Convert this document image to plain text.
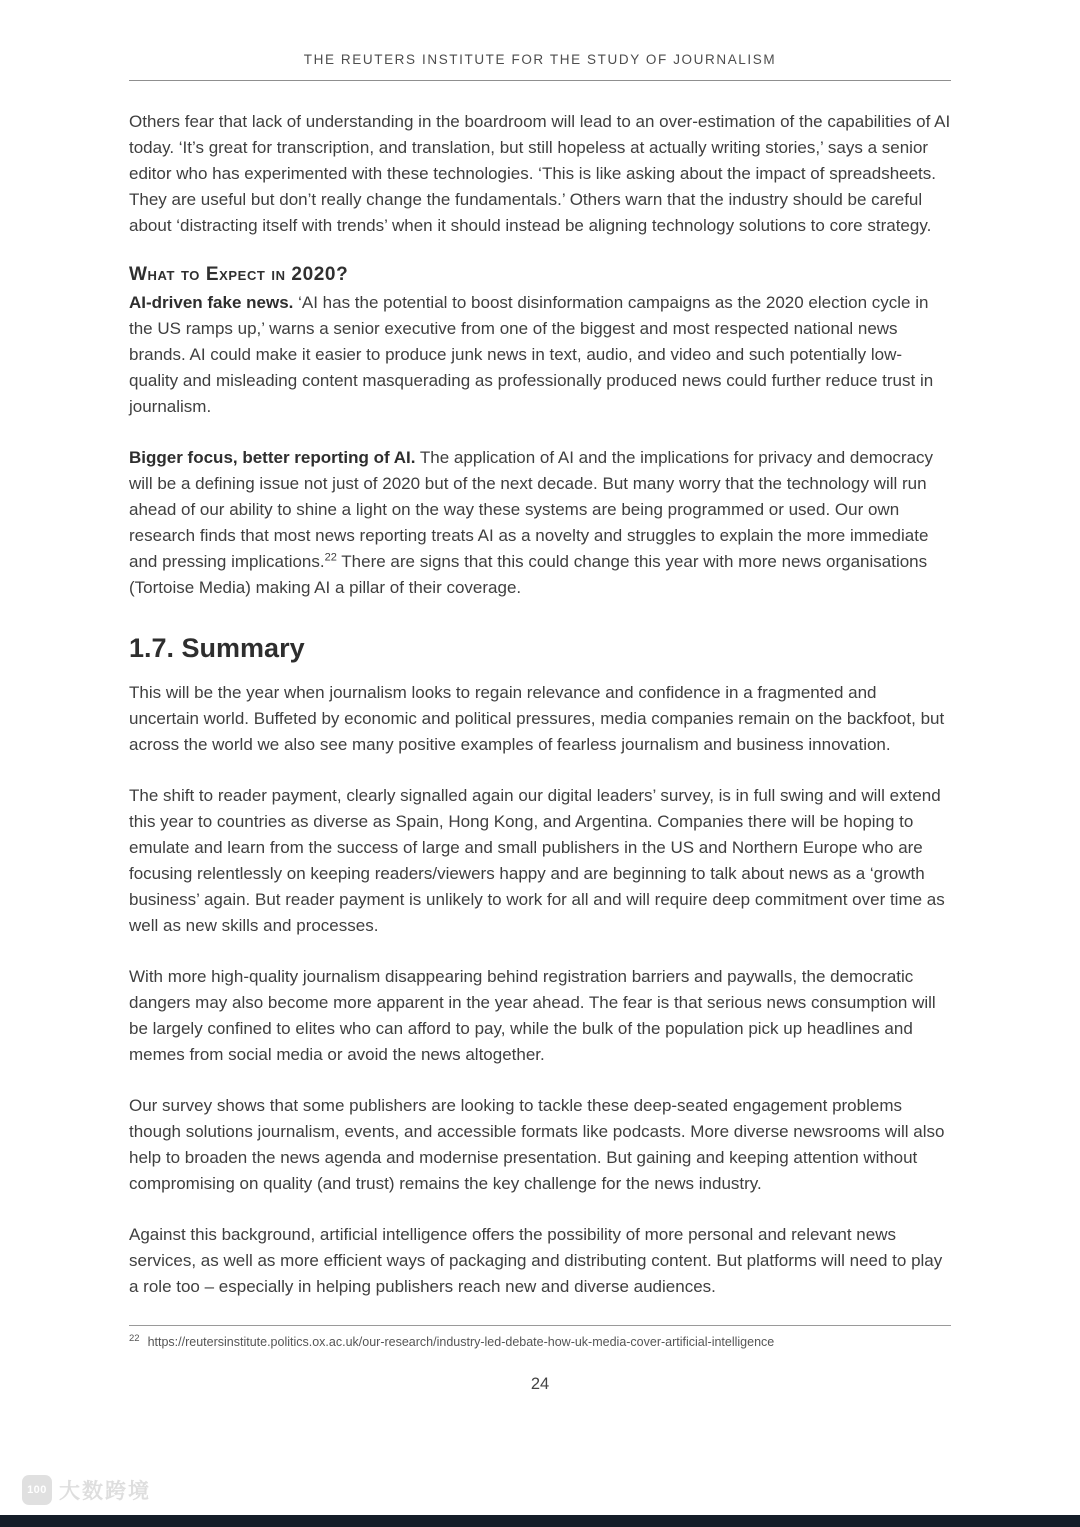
THE REUTERS INSTITUTE FOR THE STUDY OF JOURNALISM

Others fear that lack of understanding in the boardroom will lead to an over-estimation of the capabilities of AI today. ‘It’s great for transcription, and translation, but still hopeless at actually writing stories,’ says a senior editor who has experimented with these technologies. ‘This is like asking about the impact of spreadsheets. They are useful but don’t really change the fundamentals.’ Others warn that the industry should be careful about ‘distracting itself with trends’ when it should instead be aligning technology solutions to core strategy.

What to Expect in 2020?

AI-driven fake news. ‘AI has the potential to boost disinformation campaigns as the 2020 election cycle in the US ramps up,’ warns a senior executive from one of the biggest and most respected national news brands. AI could make it easier to produce junk news in text, audio, and video and such potentially low-quality and misleading content masquerading as professionally produced news could further reduce trust in journalism.

Bigger focus, better reporting of AI. The application of AI and the implications for privacy and democracy will be a defining issue not just of 2020 but of the next decade. But many worry that the technology will run ahead of our ability to shine a light on the way these systems are being programmed or used. Our own research finds that most news reporting treats AI as a novelty and struggles to explain the more immediate and pressing implications.$^{22}$ There are signs that this could change this year with more news organisations (Tortoise Media) making AI a pillar of their coverage.

1.7. Summary

This will be the year when journalism looks to regain relevance and confidence in a fragmented and uncertain world. Buffeted by economic and political pressures, media companies remain on the backfoot, but across the world we also see many positive examples of fearless journalism and business innovation.

The shift to reader payment, clearly signalled again our digital leaders’ survey, is in full swing and will extend this year to countries as diverse as Spain, Hong Kong, and Argentina. Companies there will be hoping to emulate and learn from the success of large and small publishers in the US and Northern Europe who are focusing relentlessly on keeping readers/viewers happy and are beginning to talk about news as a ‘growth business’ again. But reader payment is unlikely to work for all and will require deep commitment over time as well as new skills and processes.

With more high-quality journalism disappearing behind registration barriers and paywalls, the democratic dangers may also become more apparent in the year ahead. The fear is that serious news consumption will be largely confined to elites who can afford to pay, while the bulk of the population pick up headlines and memes from social media or avoid the news altogether.

Our survey shows that some publishers are looking to tackle these deep-seated engagement problems though solutions journalism, events, and accessible formats like podcasts. More diverse newsrooms will also help to broaden the news agenda and modernise presentation. But gaining and keeping attention without compromising on quality (and trust) remains the key challenge for the news industry.

Against this background, artificial intelligence offers the possibility of more personal and relevant news services, as well as more efficient ways of packaging and distributing content. But platforms will need to play a role too – especially in helping publishers reach new and diverse audiences.

$^{22}$ https://reutersinstitute.politics.ox.ac.uk/our-research/industry-led-debate-how-uk-media-cover-artificial-intelligence
24
100 大数跨境
